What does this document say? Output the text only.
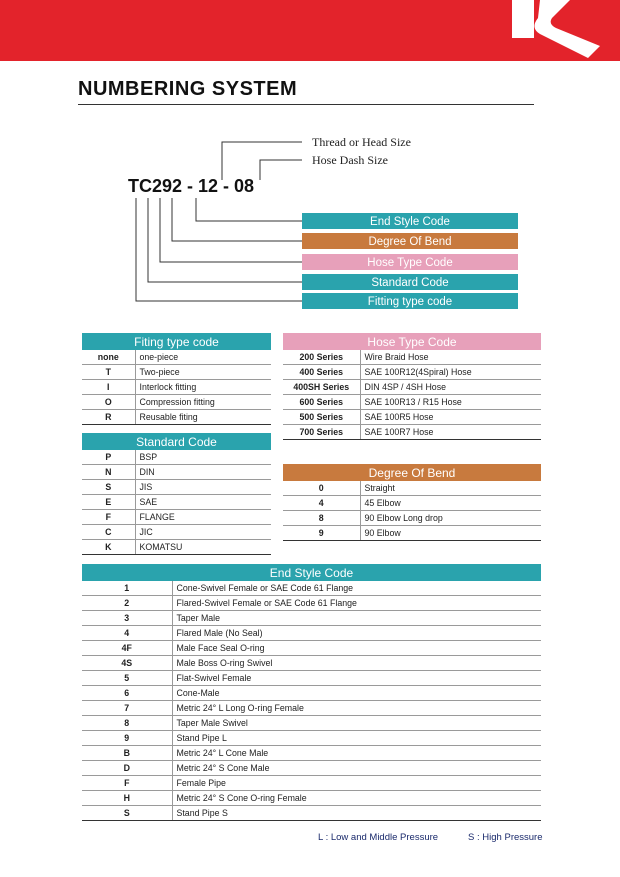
NUMBERING SYSTEM
Thread or Head Size
Hose Dash Size
TC292 - 12 - 08
End Style Code
Degree Of Bend
Hose Type Code
Standard Code
Fitting type code
Fiting type code	
none	one-piece
T	Two-piece
I	Interlock fitting
O	Compression fitting
R	Reusable fiting
Standard Code	
P	BSP
N	DIN
S	JIS
E	SAE
F	FLANGE
C	JIC
K	KOMATSU
Hose Type Code	
200 Series	Wire Braid Hose
400 Series	SAE 100R12(4Spiral) Hose
400SH Series	DIN 4SP / 4SH Hose
600 Series	SAE 100R13 / R15 Hose
500 Series	SAE 100R5 Hose
700 Series	SAE 100R7 Hose
Degree Of Bend	
0	Straight
4	45 Elbow
8	90 Elbow Long drop
9	90 Elbow
End Style Code	
1	Cone-Swivel Female or SAE Code 61 Flange
2	Flared-Swivel Female or SAE Code 61 Flange
3	Taper Male
4	Flared Male (No Seal)
4F	Male Face Seal O-ring
4S	Male Boss O-ring Swivel
5	Flat-Swivel Female
6	Cone-Male
7	Metric 24° L Long O-ring Female
8	Taper Male Swivel
9	Stand Pipe L
B	Metric 24° L Cone Male
D	Metric 24° S Cone Male
F	Female Pipe
H	Metric 24° S Cone O-ring Female
S	Stand Pipe S
L : Low and Middle Pressure	S : High Pressure
